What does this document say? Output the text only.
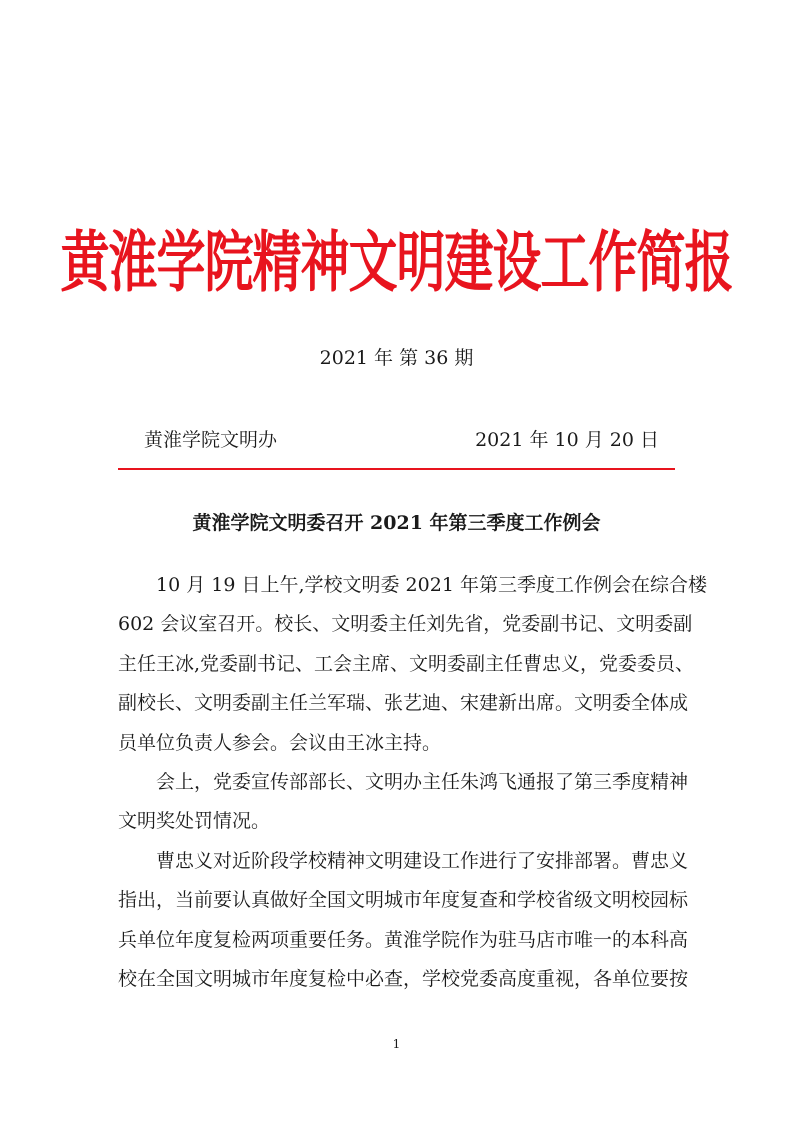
黄淮学院精神文明建设工作简报
2021 年 第 36 期
黄淮学院文明办	2021 年 10 月 20 日
黄淮学院文明委召开 2021 年第三季度工作例会
10 月 19 日上午,学校文明委 2021 年第三季度工作例会在综合楼
602 会议室召开。校长、文明委主任刘先省，党委副书记、文明委副
主任王冰,党委副书记、工会主席、文明委副主任曹忠义，党委委员、
副校长、文明委副主任兰军瑞、张艺迪、宋建新出席。文明委全体成
员单位负责人参会。会议由王冰主持。
会上，党委宣传部部长、文明办主任朱鸿飞通报了第三季度精神
文明奖处罚情况。
曹忠义对近阶段学校精神文明建设工作进行了安排部署。曹忠义
指出，当前要认真做好全国文明城市年度复查和学校省级文明校园标
兵单位年度复检两项重要任务。黄淮学院作为驻马店市唯一的本科高
校在全国文明城市年度复检中必查，学校党委高度重视，各单位要按
1
